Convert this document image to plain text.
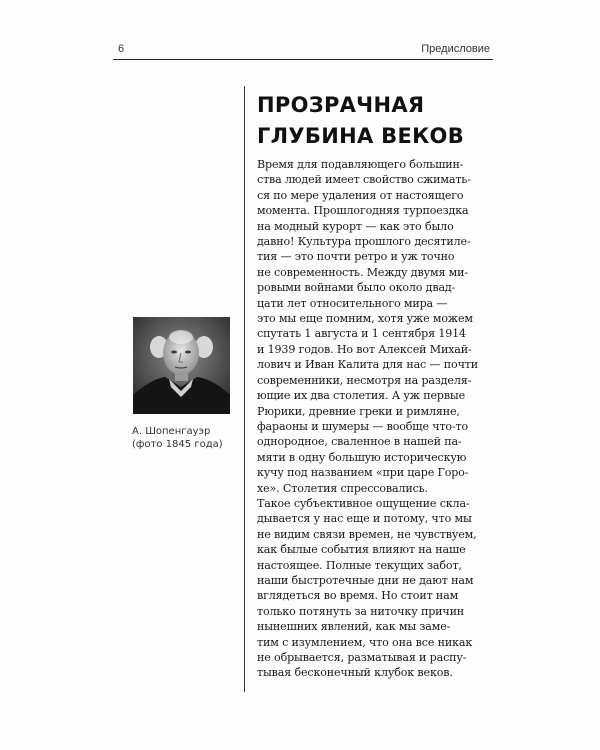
6	Предисловие
ПРОЗРАЧНАЯ
ГЛУБИНА ВЕКОВ
А. Шопенгауэр
(фото 1845 года)
Время для подавляющего большин-
ства людей имеет свойство сжимать-
ся по мере удаления от настоящего
момента. Прошлогодняя турпоездка
на модный курорт — как это было
давно! Культура прошлого десятиле-
тия — это почти ретро и уж точно
не современность. Между двумя ми-
ровыми войнами было около двад-
цати лет относительного мира —
это мы еще помним, хотя уже можем
спутать 1 августа и 1 сентября 1914
и 1939 годов. Но вот Алексей Михай-
лович и Иван Калита для нас — почти
современники, несмотря на разделя-
ющие их два столетия. А уж первые
Рюрики, древние греки и римляне,
фараоны и шумеры — вообще что-то
однородное, сваленное в нашей па-
мяти в одну большую историческую
кучу под названием «при царе Горо-
хе». Столетия спрессовались.
Такое субъективное ощущение скла-
дывается у нас еще и потому, что мы
не видим связи времен, не чувствуем,
как былые события влияют на наше
настоящее. Полные текущих забот,
наши быстротечные дни не дают нам
вглядеться во время. Но стоит нам
только потянуть за ниточку причин
нынешних явлений, как мы заме-
тим с изумлением, что она все никак
не обрывается, разматывая и распу-
тывая бесконечный клубок веков.
